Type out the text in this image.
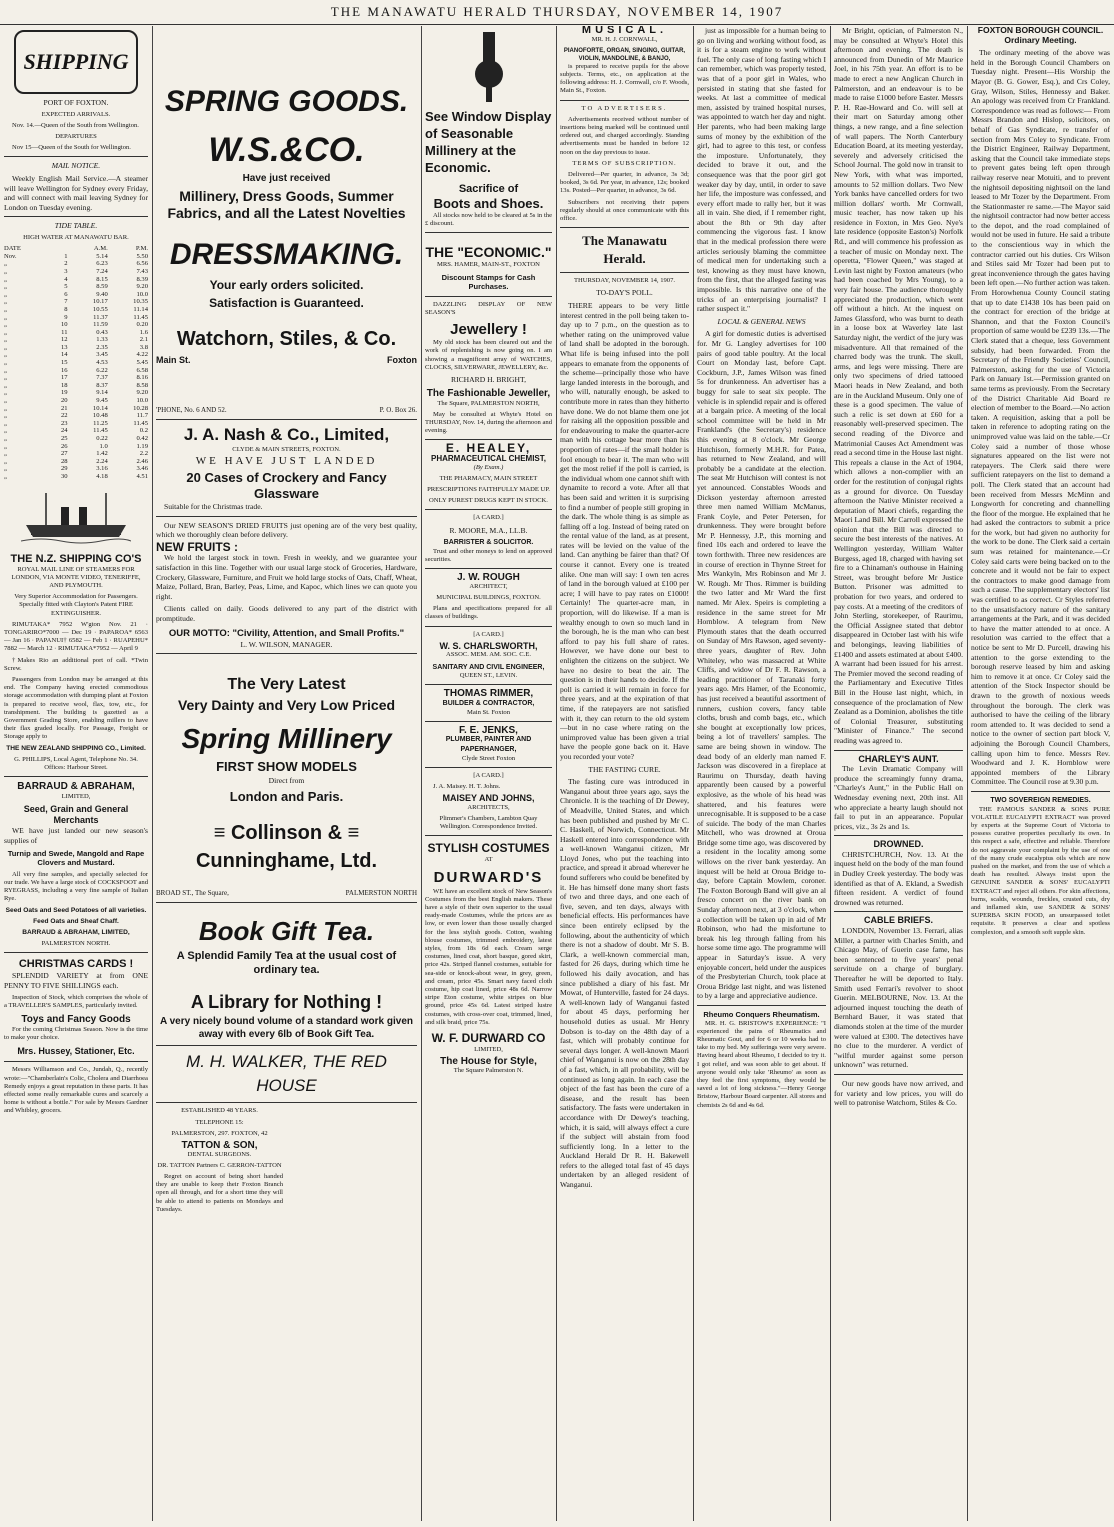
THE MANAWATU HERALD THURSDAY, NOVEMBER 14, 1907
SHIPPING

PORT OF FOXTON.

EXPECTED ARRIVALS.

Nov. 14.—Queen of the South from Wellington.

DEPARTURES

Nov 15—Queen of the South for Wellington.

MAIL NOTICE.

Weekly English Mail Service.—A steamer will leave Wellington for Sydney every Friday, and will connect with mail leaving Sydney for London on Tuesday evening.

TIDE TABLE.

HIGH WATER AT MANAWATU BAR.

DATE		A.M.	P.M.
Nov.	1	5.14	5.50
„	2	6.23	6.56
„	3	7.24	7.43
„	4	8.15	8.39
„	5	8.59	9.20
„	6	9.40	10.0
„	7	10.17	10.35
„	8	10.55	11.14
„	9	11.37	11.45
„	10	11.59	0.20
„	11	0.43	1.6
„	12	1.33	2.1
„	13	2.35	3.8
„	14	3.45	4.22
„	15	4.53	5.45
„	16	6.22	6.58
„	17	7.37	8.16
„	18	8.37	8.58
„	19	9.14	9.20
„	20	9.45	10.0
„	21	10.14	10.28
„	22	10.48	11.7
„	23	11.25	11.45
„	24	11.45	0.2
„	25	0.22	0.42
„	26	1.0	1.19
„	27	1.42	2.2
„	28	2.24	2.46
„	29	3.16	3.46
„	30	4.18	4.51
THE N.Z. SHIPPING CO'S

ROYAL MAIL LINE OF STEAMERS FOR LONDON, VIA MONTE VIDEO, TENERIFFE, AND PLYMOUTH.

Very Superior Accommodation for Passengers. Specially fitted with Clayton's Patent FIRE EXTINGUISHER.

RIMUTAKA* 7952 W'gton Nov. 21 · TONGARIRO*7000 — Dec 19 · PAPAROA* 6563 — Jan 16 · PAPANUI† 6582 — Feb 1 · RUAPEHU* 7882 — March 12 · RIMUTAKA*7952 — April 9

†Makes Rio an additional port of call. *Twin Screw.

Passengers from London may be arranged at this end. The Company having erected commodious storage accommodation with dumping plant at Foxton is prepared to receive wool, flax, tow, etc., for transhipment. The building is gazetted as a Government Grading Store, enabling millers to have their flax graded locally. For Passage, Freight or Storage apply to

THE NEW ZEALAND SHIPPING CO., Limited.

G. PHILLIPS, Local Agent, Telephone No. 34. Offices: Harbour Street.

BARRAUD & ABRAHAM,

LIMITED,

Seed, Grain and General Merchants

WE have just landed our new season's supplies of

Turnip and Swede, Mangold and Rape Clovers and Mustard.

All very fine samples, and specially selected for our trade. We have a large stock of COCKSFOOT and RYEGRASS, including a very fine sample of Italian Rye.

Seed Oats and Seed Potatoes of all varieties.

Feed Oats and Sheaf Chaff.

BARRAUD & ABRAHAM, LIMITED,

PALMERSTON NORTH.

CHRISTMAS CARDS !

SPLENDID VARIETY at from ONE PENNY TO FIVE SHILLINGS each.

Inspection of Stock, which comprises the whole of a TRAVELLER'S SAMPLES, particularly invited.

Toys and Fancy Goods

For the coming Christmas Season. Now is the time to make your choice.

Mrs. Hussey, Stationer, Etc.

Messrs Williamson and Co., Jundah, Q., recently wrote:—"Chamberlain's Colic, Cholera and Diarrhoea Remedy enjoys a great reputation in these parts. It has effected some really remarkable cures and scarcely a home is without a bottle." For sale by Messrs Gardner and Whibley, grocers.

SPRING GOODS.
W.S.&CO.

Have just received

Millinery, Dress Goods, Summer Fabrics, and all the Latest Novelties
DRESSMAKING.
Your early orders solicited.
Satisfaction is Guaranteed.
Watchorn, Stiles, & Co.
Main St.	Foxton
'PHONE, No. 6 AND 52.	P. O. Box 26.
J. A. Nash & Co., Limited,

CLYDE & MAIN STREETS, FOXTON.

WE HAVE JUST LANDED

20 Cases of Crockery and Fancy Glassware

Suitable for the Christmas trade.

Our NEW SEASON'S DRIED FRUITS just opening are of the very best quality, which we thoroughly clean before delivery.

NEW FRUITS :

We hold the largest stock in town. Fresh in weekly, and we guarantee your satisfaction in this line. Together with our usual large stock of Groceries, Hardware, Crockery, Glassware, Furniture, and Fruit we hold large stocks of Oats, Chaff, Wheat, Maize, Pollard, Bran, Barley, Peas, Lime, and Kapoc, which lines we can quote you right.

Clients called on daily. Goods delivered to any part of the district with promptitude.

OUR MOTTO: "Civility, Attention, and Small Profits."

L. W. WILSON, MANAGER.

The Very Latest
Very Dainty and Very Low Priced
Spring Millinery
FIRST SHOW MODELS

Direct from

London and Paris.
≡ Collinson & ≡ Cunninghame, Ltd.
BROAD ST., The Square,	PALMERSTON NORTH
Book Gift Tea.
A Splendid Family Tea at the usual cost of ordinary tea.
A Library for Nothing !
A very nicely bound volume of a standard work given away with every 6lb of Book Gift Tea.
M. H. WALKER, THE RED HOUSE

ESTABLISHED 48 YEARS.

TELEPHONE 15:

PALMERSTON, 297. FOXTON, 42

TATTON & SON,

DENTAL SURGEONS.

DR. TATTON Partners C. GERRON-TATTON

Regret on account of being short handed they are unable to keep their Foxton Branch open all through, and for a short time they will be able to attend to patients on Mondays and Tuesdays.

See Window Display of Seasonable Millinery at the Economic.
Sacrifice of
Boots and Shoes.

All stocks now held to be cleared at 5s in the £ discount.

THE "ECONOMIC."

MRS. HAMER, MAIN-ST., FOXTON

Discount Stamps for Cash Purchases.

DAZZLING DISPLAY OF NEW SEASON'S

Jewellery !

My old stock has been cleared out and the work of replenishing is now going on. I am showing a magnificent array of WATCHES, CLOCKS, SILVERWARE, JEWELLERY, &c.

RICHARD H. BRIGHT,

The Fashionable Jeweller,

The Square, PALMERSTON NORTH,

May be consulted at Whyte's Hotel on THURSDAY, Nov. 14, during the afternoon and evening.

E. HEALEY,
PHARMACEUTICAL CHEMIST,

(By Exam.)

THE PHARMACY, MAIN STREET

PRESCRIPTIONS FAITHFULLY MADE UP.

ONLY PUREST DRUGS KEPT IN STOCK.

[A CARD.]

R. MOORE, M.A., LL.B.

BARRISTER & SOLICITOR.

Trust and other moneys to lend on approved securities.

J. W. ROUGH

ARCHITECT,

MUNICIPAL BUILDINGS, FOXTON.

Plans and specifications prepared for all classes of buildings.

[A CARD.]

W. S. CHARLSWORTH,

ASSOC. MEM. AM. SOC. C.E.

SANITARY AND CIVIL ENGINEER,

QUEEN ST., LEVIN.

THOMAS RIMMER,
BUILDER & CONTRACTOR,

Main St. Foxton

F. E. JENKS,
PLUMBER, PAINTER AND PAPERHANGER,

Clyde Street Foxton

[A CARD.]

J. A. Maisey. H. T. Johns.

MAISEY AND JOHNS,

ARCHITECTS,

Plimmer's Chambers, Lambton Quay Wellington. Correspondence Invited.

STYLISH COSTUMES

AT

DURWARD'S

WE have an excellent stock of New Season's Costumes from the best English makers. These have a style of their own superior to the usual ready-made Costumes, while the prices are as low, or even lower than those usually charged for the less stylish goods. Cotton, washing blouse costumes, trimmed embroidery, latest styles, from 18s 6d each. Cream serge costumes, lined coat, short basque, gored skirt, price 42s. Striped flannel costumes, suitable for sea-side or knock-about wear, in grey, green, and cream, price 45s. Smart navy faced cloth costume, hip coat lined, price 48s 6d. Narrow stripe Eton costume, white stripes on blue ground, price 45s 6d. Latest striped lustre costumes, with cross-over coat, trimmed, lined, and silk braid, price 75s.

W. F. DURWARD CO

LIMITED,

The House for Style,

The Square Palmerston N.

MUSICAL.

MR. H. J. CORNWALL,

PIANOFORTE, ORGAN, SINGING, GUITAR, VIOLIN, MANDOLINE, & BANJO,

is prepared to receive pupils for the above subjects. Terms, etc., on application at the following address: H. J. Cornwall, c/o F. Woods, Main St., Foxton.

TO ADVERTISERS.

Advertisements received without number of insertions being marked will be continued until ordered out, and charged accordingly. Standing advertisements must be handed in before 12 noon on the day previous to issue.

TERMS OF SUBSCRIPTION.

Delivered—Per quarter, in advance, 3s 3d; booked, 3s 6d. Per year, in advance, 12s; booked 13s. Posted—Per quarter, in advance, 3s 6d.

Subscribers not receiving their papers regularly should at once communicate with this office.

The Manawatu Herald.

THURSDAY, NOVEMBER 14, 1907.

TO-DAY'S POLL.

THERE appears to be very little interest centred in the poll being taken to-day up to 7 p.m., on the question as to whether rating on the unimproved value of land shall be adopted in the borough. What life is being infused into the poll appears to emanate from the opponents of the scheme—principally those who have large landed interests in the borough, and who will, naturally enough, be asked to contribute more in rates than they hitherto have done. We do not blame them one jot for raising all the opposition possible and for endeavouring to make the quarter-acre man with his cottage bear more than his proportion of rates—if the small holder is fool enough to bear it. The man who will get the most relief if the poll is carried, is the individual whom one cannot shift with dynamite to record a vote. After all that has been said and written it is surprising to find a number of people still groping in the dark. The whole thing is as simple as falling off a log. Instead of being rated on the rental value of the land, as at present, rates will be levied on the value of the land. Can anything be fairer than that? Of course it cannot. Every one is treated alike. One man will say: I own ten acres of land in the borough valued at £100 per acre; I will have to pay rates on £1000! Certainly! The quarter-acre man, in proportion, will do likewise. If a man is wealthy enough to own so much land in the borough, he is the man who can best afford to pay his full share of rates. However, we have done our best to enlighten the citizens on the subject. We have no desire to beat the air. The question is in their hands to decide. If the poll is carried it will remain in force for three years, and at the expiration of that time, if the ratepayers are not satisfied with it, they can return to the old system—but in no case where rating on the unimproved value has been given a trial have the people gone back on it. Have you recorded your vote?

THE FASTING CURE.

The fasting cure was introduced in Wanganui about three years ago, says the Chronicle. It is the teaching of Dr Dewey, of Meadville, United States, and which has been published and pushed by Mr C. C. Haskell, of Norwich, Connecticut. Mr Haskell entered into correspondence with a well-known Wanganui citizen, Mr Lloyd Jones, who put the teaching into practice, and spread it abroad wherever he found sufferers who could be benefited by it. He has himself done many short fasts of two and three days, and one each of five, seven, and ten days, always with beneficial effects. His performances have since been entirely eclipsed by the following, about the authenticity of which there is not a shadow of doubt. Mr S. B. Clark, a well-known commercial man, fasted for 26 days, during which time he followed his daily avocation, and has since published a diary of his fast. Mr Mowat, of Hunterville, fasted for 24 days. A well-known lady of Wanganui fasted for about 45 days, performing her household duties as usual. Mr Henry Dobson is to-day on the 48th day of a fast, which will probably continue for several days longer. A well-known Maori chief of Wanganui is now on the 28th day of a fast, which, in all probability, will be continued as long again. In each case the object of the fast has been the cure of a disease, and the result has been satisfactory. The fasts were undertaken in accordance with Dr Dewey's teaching, which, it is said, will always effect a cure if the subject will abstain from food sufficiently long. In a letter to the Auckland Herald Dr R. H. Bakewell refers to the alleged total fast of 45 days undertaken by an alleged resident of Wanganui.

just as impossible for a human being to go on living and working without food, as it is for a steam engine to work without fuel. The only case of long fasting which I can remember, which was properly tested, was that of a poor girl in Wales, who persisted in stating that she fasted for weeks. At last a committee of medical men, assisted by trained hospital nurses, was appointed to watch her day and night. Her parents, who had been making large sums of money by the exhibition of the girl, had to agree to this test, or confess the imposture. Unfortunately, they decided to brave it out, and the consequence was that the poor girl got weaker day by day, until, in order to save her life, the imposture was confessed, and every effort made to rally her, but it was all in vain. She died, if I remember right, about the 8th or 9th day after commencing the vigorous fast. I know that in the medical profession there were articles seriously blaming the committee of medical men for undertaking such a test, knowing as they must have known, from the first, that the alleged fasting was impossible. Is this narrative one of the tricks of an enterprising journalist? I rather suspect it."

LOCAL & GENERAL NEWS

A girl for domestic duties is advertised for. Mr G. Langley advertises for 100 pairs of good table poultry. At the local Court on Monday last, before Capt. Cockburn, J.P., James Wilson was fined 5s for drunkenness. An advertiser has a buggy for sale to seat six people. The vehicle is in splendid repair and is offered at a bargain price. A meeting of the local school committee will be held in Mr Frankland's (the Secretary's) residence this evening at 8 o'clock. Mr George Hutchison, formerly M.H.R. for Patea, has returned to New Zealand, and will probably be a candidate at the election. The seat Mr Hutchison will contest is not yet announced. Constables Woods and Dickson yesterday afternoon arrested three men named William McManus, Frank Coyle, and Peter Petersen, for drunkenness. They were brought before Mr P. Hennessy, J.P., this morning and fined 10s each and ordered to leave the town forthwith. Three new residences are in course of erection in Thynne Street for Mrs Wankyln, Mrs Robinson and Mr J. W. Rough. Mr Thos. Rimmer is building the two latter and Mr Ward the first named. Mr Alex. Speirs is completing a residence in the same street for Mr Hornblow. A telegram from New Plymouth states that the death occurred on Sunday of Mrs Rawson, aged seventy-three years, daughter of Rev. John Whiteley, who was massacred at White Cliffs, and widow of Dr F. R. Rawson, a leading practitioner of Taranaki forty years ago. Mrs Hamer, of the Economic, has just received a beautiful assortment of runners, cushion covers, fancy table cloths, brush and comb bags, etc., which she bought at exceptionally low prices, being a lot of travellers' samples. The same are being shown in window. The dead body of an elderly man named F. Jackson was discovered in a fireplace at Raurimu on Thursday, death having apparently been caused by a powerful explosive, as the whole of his head was shattered, and his features were unrecognisable. It is supposed to be a case of suicide. The body of the man Charles Mitchell, who was drowned at Oroua Bridge some time ago, was discovered by a resident in the locality among some willows on the river bank yesterday. An inquest will be held at Oroua Bridge to-day, before Captain Mowlem, coroner. The Foxton Borough Band will give an al fresco concert on the river bank on Sunday afternoon next, at 3 o'clock, when a collection will be taken up in aid of Mr Robinson, who had the misfortune to break his leg through falling from his horse some time ago. The programme will appear in Saturday's issue. A very enjoyable concert, held under the auspices of the Presbyterian Church, took place at Oroua Bridge last night, and was listened to by a large and appreciative audience.

Rheumo Conquers Rheumatism.

MR. H. G. BRISTOW'S EXPERIENCE: "I experienced the pains of Rheumatics and Rheumatic Gout, and for 6 or 10 weeks had to take to my bed. My sufferings were very severe. Having heard about Rheumo, I decided to try it. I got relief, and was soon able to get about. If anyone would only take 'Rheumo' as soon as they feel the first symptoms, they would be saved a lot of long sickness."—Henry George Bristow, Harbour Board carpenter. All stores and chemists 2s 6d and 4s 6d.

Mr Bright, optician, of Palmerston N., may be consulted at Whyte's Hotel this afternoon and evening. The death is announced from Dunedin of Mr Maurice Joel, in his 75th year. An effort is to be made to erect a new Anglican Church in Palmerston, and an endeavour is to be made to raise £1000 before Easter. Messrs P. H. Rae-Howard and Co. will sell at their mart on Saturday among other things, a new range, and a fine selection of wall papers. The North Canterbury Education Board, at its meeting yesterday, severely and adversely criticised the School Journal. The gold now in transit to New York, with what was imported, amounts to 52 million dollars. Two New York banks have cancelled orders for two million dollars' worth. Mr Cornwall, music teacher, has now taken up his residence in Foxton, in Mrs Geo. Nye's late residence (opposite Easton's) Norfolk Rd., and will commence his profession as a teacher of music on Monday next. The operetta, "Flower Queen," was staged at Levin last night by Foxton amateurs (who had been coached by Mrs Young), to a very fair house. The audience thoroughly appreciated the production, which went off without a hitch. At the inquest on James Glassford, who was burnt to death in a loose box at Waverley late last Saturday night, the verdict of the jury was misadventure. All that remained of the charred body was the trunk. The skull, arms, and legs were missing. There are only two specimens of dried tattooed Maori heads in New Zealand, and both are in the Auckland Museum. Only one of these is a good specimen. The value of such a relic is set down at £60 for a reasonably well-preserved specimen. The second reading of the Divorce and Matrimonial Causes Act Amendment was read a second time in the House last night. This repeals a clause in the Act of 1904, which allows a non-complier with an order for the restitution of conjugal rights as a ground for divorce. On Tuesday afternoon the Native Minister received a deputation of Maori chiefs, regarding the Maori Land Bill. Mr Carroll expressed the opinion that the Bill was directed to secure the best interests of the natives. At Wellington yesterday, William Walter Burgess, aged 18, charged with having set fire to a Chinaman's outhouse in Haining Street, was brought before Mr Justice Button. Prisoner was admitted to probation for two years, and ordered to pay costs. At a meeting of the creditors of John Sterling, storekeeper, of Raurimu, the Official Assignee stated that debtor disappeared in October last with his wife and belongings, leaving liabilities of £1400 and assets estimated at about £400. A warrant had been issued for his arrest. The Premier moved the second reading of the Parliamentary and Executive Titles Bill in the House last night, which, in consequence of the proclamation of New Zealand as a Dominion, abolishes the title of Colonial Treasurer, substituting "Minister of Finance." The second reading was agreed to.

CHARLEY'S AUNT.

The Levin Dramatic Company will produce the screamingly funny drama, "Charley's Aunt," in the Public Hall on Wednesday evening next, 20th inst. All who appreciate a hearty laugh should not fail to put in an appearance. Popular prices, viz., 3s 2s and 1s.

DROWNED.

CHRISTCHURCH, Nov. 13. At the inquest held on the body of the man found in Dudley Creek yesterday. The body was identified as that of A. Ekland, a Swedish fifteen resident. A verdict of found drowned was returned.

CABLE BRIEFS.

LONDON, November 13. Ferrari, alias Miller, a partner with Charles Smith, and Chicago May, of Guerin case fame, has been sentenced to five years' penal servitude on a charge of burglary. Thereafter he will be deported to Italy. Smith used Ferrari's revolver to shoot Guerin. MELBOURNE, Nov. 13. At the adjourned inquest touching the death of Bernhard Bauer, it was stated that diamonds stolen at the time of the murder were valued at £300. The detectives have no clue to the murderer. A verdict of "wilful murder against some person unknown" was returned.

Our new goods have now arrived, and for variety and low prices, you will do well to patronise Watchorn, Stiles & Co.

FOXTON BOROUGH COUNCIL.
Ordinary Meeting.

The ordinary meeting of the above was held in the Borough Council Chambers on Tuesday night. Present—His Worship the Mayor (B. G. Gower, Esq.), and Crs Coley, Gray, Wilson, Stiles, Hennessy and Baker. An apology was received from Cr Frankland. Correspondence was read as follows:— From Messrs Brandon and Hislop, solicitors, on behalf of Gas Syndicate, re transfer of section from Mrs Coley to Syndicate. From the District Engineer, Railway Department, asking that the Council take immediate steps to prevent gates being left open through railway reserve near Motuiti, and to prevent the nightsoil depositing nightsoil on the land leased to Mr Tozer by the Department. From the Stationmaster re same.—The Mayor said the nightsoil contractor had now better access to the depot, and the road complained of would not be used in future. He said a tribute to the conscientious way in which the contractor carried out his duties. Crs Wilson and Stiles said Mr Tozer had been put to great inconvenience through the gates having been left open.—No further action was taken. From Horowhenua County Council stating that up to date £1438 10s has been paid on the contract for erection of the bridge at Shannon, and that the Foxton Council's proportion of same would be £239 13s.—The Clerk stated that a cheque, less Government subsidy, had been forwarded. From the Secretary of the Friendly Societies' Council, Palmerston, asking for the use of Victoria Park on January 1st.—Permission granted on same terms as previously. From the Secretary of the District Charitable Aid Board re election of member to the Board.—No action taken. A requisition, asking that a poll be taken in reference to adopting rating on the unimproved value was laid on the table.—Cr Coley said a number of those whose signatures appeared on the list were not ratepayers. The Clerk said there were sufficient ratepayers on the list to demand a poll. The Clerk stated that an account had been received from Messrs McMinn and Longworth for concreting and channelling the floor of the morgue. He explained that he had asked the contractors to submit a price for the work, but had given no authority for the work to be done. The Clerk said a certain sum was retained for maintenance.—Cr Coley said carts were being backed on to the concrete and it would not be fair to expect the contractors to make good damage from such a cause. The supplementary electors' list was certified to as correct. Cr Styles referred to the unsatisfactory nature of the sanitary arrangements at the Park, and it was decided to have the matter attended to at once. A resolution was carried to the effect that a notice be sent to Mr D. Purcell, drawing his attention to the gorse extending to the borough reserve leased by him and asking him to remove it at once. Cr Coley said the attention of the Stock Inspector should be drawn to the growth of noxious weeds throughout the borough. The clerk was authorised to have the ceiling of the library room attended to. It was decided to send a notice to the owner of section part block V, adjoining the Borough Council Chambers, calling upon him to fence. Messrs Rev. Woodward and J. K. Hornblow were appointed members of the Library Committee. The Council rose at 9.30 p.m.

TWO SOVEREIGN REMEDIES.

THE FAMOUS SANDER & SONS PURE VOLATILE EUCALYPTI EXTRACT was proved by experts at the Supreme Court of Victoria to possess curative properties peculiarly its own. In this respect a safe, effective and reliable. Therefore do not aggravate your complaint by the use of one of the many crude eucalyptus oils which are now pushed on the market, and from the use of which a death has resulted. Always insist upon the GENUINE SANDER & SONS' EUCALYPTI EXTRACT and reject all others. For skin affections, burns, scalds, wounds, freckles, crusted cuts, dry and inflamed skin, use SANDER & SONS' SUPERBA SKIN FOOD, an unsurpassed toilet requisite. It preserves a clear and spotless complexion, and a smooth soft supple skin.
